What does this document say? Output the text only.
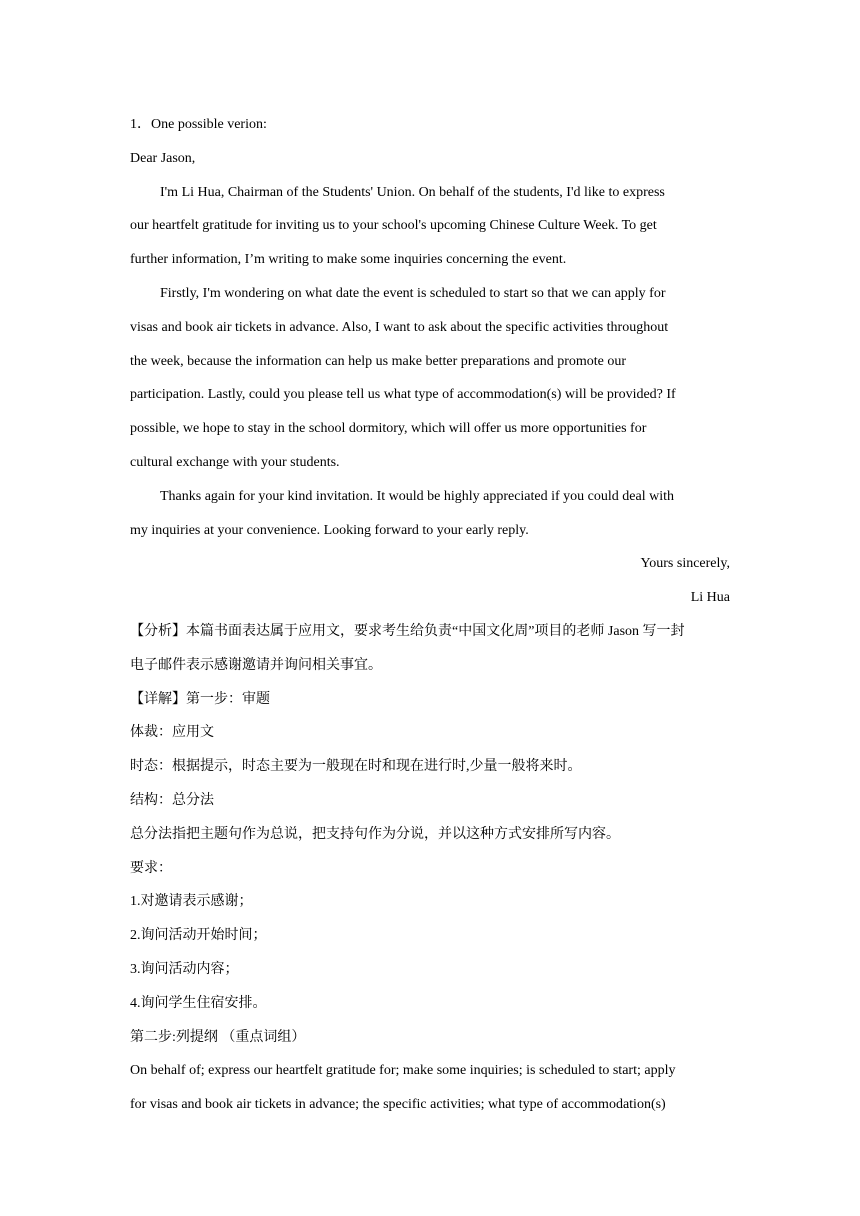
1．One possible verion:
Dear Jason,
I'm Li Hua, Chairman of the Students' Union. On behalf of the students, I'd like to express
our heartfelt gratitude for inviting us to your school's upcoming Chinese Culture Week. To get
further information, I’m writing to make some inquiries concerning the event.
Firstly, I'm wondering on what date the event is scheduled to start so that we can apply for
visas and book air tickets in advance. Also, I want to ask about the specific activities throughout
the week, because the information can help us make better preparations and promote our
participation. Lastly, could you please tell us what type of accommodation(s) will be provided? If
possible, we hope to stay in the school dormitory, which will offer us more opportunities for
cultural exchange with your students.
Thanks again for your kind invitation. It would be highly appreciated if you could deal with
my inquiries at your convenience. Looking forward to your early reply.
Yours sincerely,
Li Hua
【分析】本篇书面表达属于应用文，要求考生给负责“中国文化周”项目的老师 Jason 写一封
电子邮件表示感谢邀请并询问相关事宜。
【详解】第一步：审题
体裁：应用文
时态：根据提示，时态主要为一般现在时和现在进行时,少量一般将来时。
结构：总分法
总分法指把主题句作为总说，把支持句作为分说，并以这种方式安排所写内容。
要求：
1.对邀请表示感谢；
2.询问活动开始时间；
3.询问活动内容；
4.询问学生住宿安排。
第二步:列提纲 （重点词组）
On behalf of; express our heartfelt gratitude for; make some inquiries; is scheduled to start; apply
for visas and book air tickets in advance; the specific activities; what type of accommodation(s)
